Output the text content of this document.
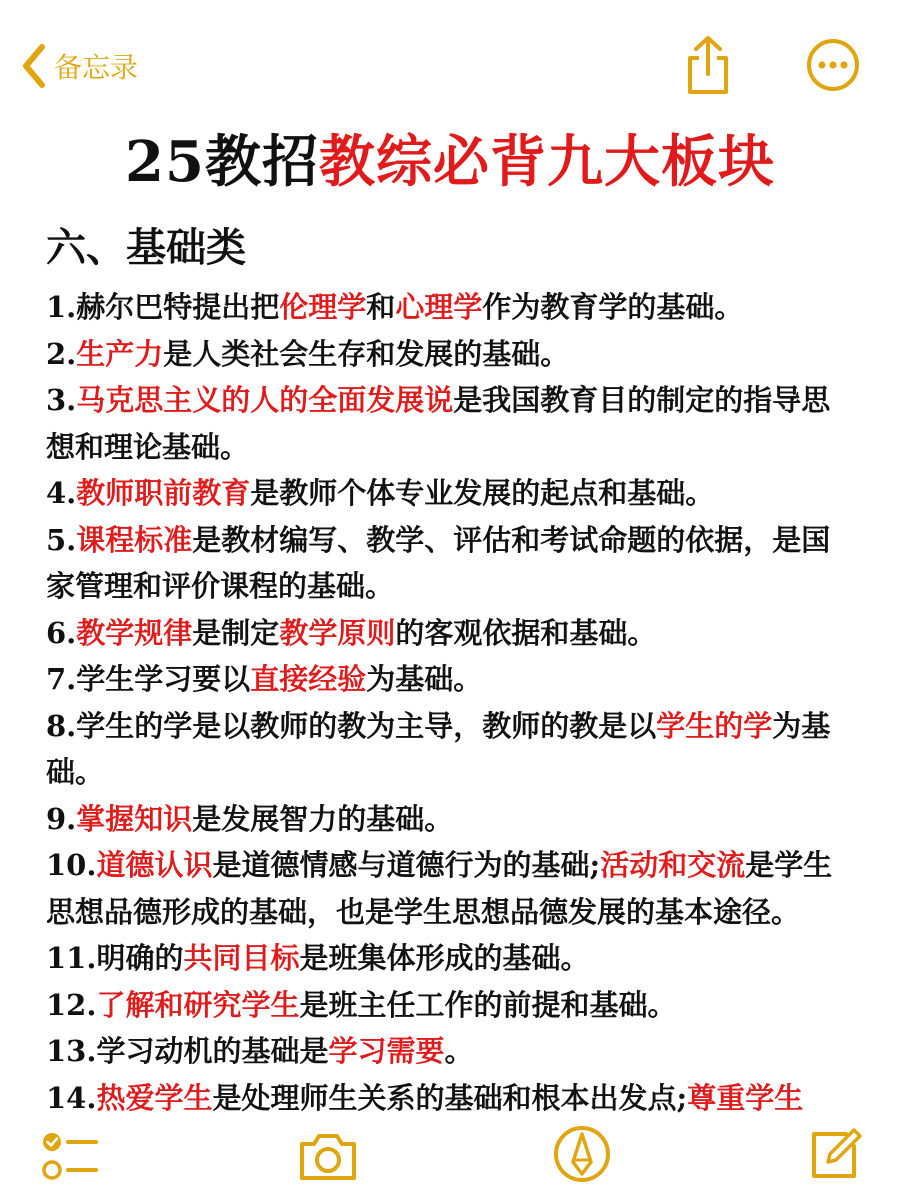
备忘录
25教招教综必背九大板块
六、基础类
1.赫尔巴特提出把伦理学和心理学作为教育学的基础。
2.生产力是人类社会生存和发展的基础。
3.马克思主义的人的全面发展说是我国教育目的制定的指导思
想和理论基础。
4.教师职前教育是教师个体专业发展的起点和基础。
5.课程标准是教材编写、教学、评估和考试命题的依据，是国
家管理和评价课程的基础。
6.教学规律是制定教学原则的客观依据和基础。
7.学生学习要以直接经验为基础。
8.学生的学是以教师的教为主导，教师的教是以学生的学为基
础。
9.掌握知识是发展智力的基础。
10.道德认识是道德情感与道德行为的基础;活动和交流是学生
思想品德形成的基础，也是学生思想品德发展的基本途径。
11.明确的共同目标是班集体形成的基础。
12.了解和研究学生是班主任工作的前提和基础。
13.学习动机的基础是学习需要。
14.热爱学生是处理师生关系的基础和根本出发点;尊重学生
